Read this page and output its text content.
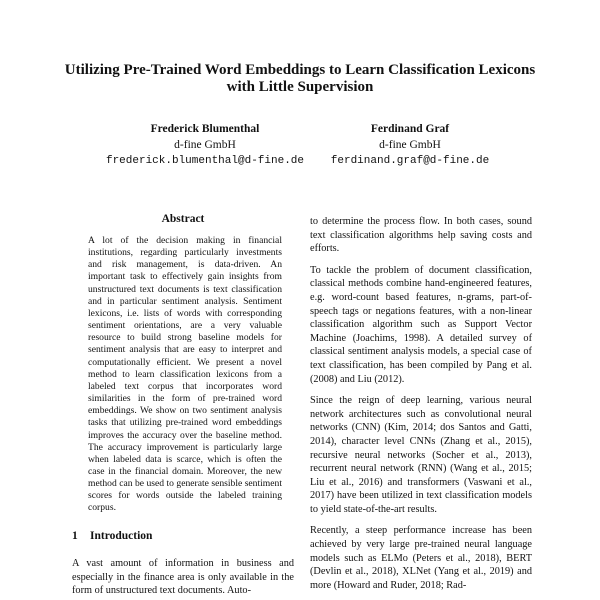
Utilizing Pre-Trained Word Embeddings to Learn Classification Lexicons
with Little Supervision
Frederick Blumenthal
d-fine GmbH
frederick.blumenthal@d-fine.de
Ferdinand Graf
d-fine GmbH
ferdinand.graf@d-fine.de
Abstract

A lot of the decision making in financial institutions, regarding particularly investments and risk management, is data-driven. An important task to effectively gain insights from unstructured text documents is text classification and in particular sentiment analysis. Sentiment lexicons, i.e. lists of words with corresponding sentiment orientations, are a very valuable resource to build strong baseline models for sentiment analysis that are easy to interpret and computationally efficient. We present a novel method to learn classification lexicons from a labeled text corpus that incorporates word similarities in the form of pre-trained word embeddings. We show on two sentiment analysis tasks that utilizing pre-trained word embeddings improves the accuracy over the baseline method. The accuracy improvement is particularly large when labeled data is scarce, which is often the case in the financial domain. Moreover, the new method can be used to generate sensible sentiment scores for words outside the labeled training corpus.

1 Introduction

A vast amount of information in business and especially in the finance area is only available in the form of unstructured text documents. Auto-

to determine the process flow. In both cases, sound text classification algorithms help saving costs and efforts.

To tackle the problem of document classification, classical methods combine hand-engineered features, e.g. word-count based features, n-grams, part-of-speech tags or negations features, with a non-linear classification algorithm such as Support Vector Machine (Joachims, 1998). A detailed survey of classical sentiment analysis models, a special case of text classification, has been compiled by Pang et al. (2008) and Liu (2012).

Since the reign of deep learning, various neural network architectures such as convolutional neural networks (CNN) (Kim, 2014; dos Santos and Gatti, 2014), character level CNNs (Zhang et al., 2015), recursive neural networks (Socher et al., 2013), recurrent neural network (RNN) (Wang et al., 2015; Liu et al., 2016) and transformers (Vaswani et al., 2017) have been utilized in text classification models to yield state-of-the-art results.

Recently, a steep performance increase has been achieved by very large pre-trained neural language models such as ELMo (Peters et al., 2018), BERT (Devlin et al., 2018), XLNet (Yang et al., 2019) and more (Howard and Ruder, 2018; Rad-
